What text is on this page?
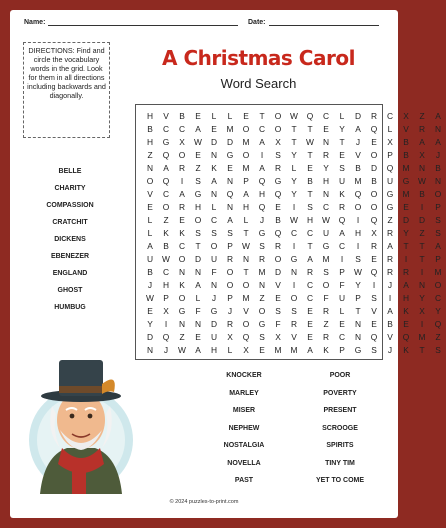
Name:	Date:
DIRECTIONS: Find and circle the vocabulary words in the grid. Look for them in all directions including backwards and diagonally.
A Christmas Carol
Word Search
H	V	B	E	L	L	E	T	O	W	Q	C	L	D	R	C	X	Z	A
B	C	C	A	E	M	O	C	O	T	T	E	Y	A	Q	L	V	R	N
H	G	X	W	D	D	M	A	X	T	W	N	T	J	E	X	B	A	A
Z	Q	O	E	N	G	O	I	S	Y	T	R	E	V	O	P	B	X	J
N	A	R	Z	K	E	M	A	R	L	E	Y	S	B	D	Q	M	N	B
O	Q	I	S	A	N	P	Q	G	Y	B	H	U	M	B	U	G	W	N
V	C	A	G	N	Q	A	H	Q	Y	T	N	K	Q	O	G	M	B	O
E	O	R	H	L	N	H	Q	E	I	S	C	R	O	O	G	E	I	P
L	Z	E	O	C	A	L	J	B	W	H	W	Q	I	Q	Z	D	D	S
L	K	K	S	S	S	T	G	Q	C	C	U	A	H	X	R	Y	Z	S
A	B	C	T	O	P	W	S	R	I	T	G	C	I	R	A	T	T	A
U	W	O	D	U	R	N	R	O	G	A	M	I	S	E	R	I	T	P
B	C	N	N	F	O	T	M	D	N	R	S	P	W	Q	R	R	I	M
J	H	K	A	N	O	O	N	V	I	C	O	F	Y	I	J	A	N	O
W	P	O	L	J	P	M	Z	E	O	C	F	U	P	S	I	H	Y	C
E	X	G	F	G	J	V	O	S	S	E	R	L	T	V	A	K	X	Y
Y	I	N	N	D	R	O	G	F	R	E	Z	E	N	E	B	E	I	Q
D	Q	Z	E	U	X	Q	S	X	V	E	R	C	N	Q	V	Q	M	Z
N	J	W	A	H	L	X	E	M	M	A	K	P	G	S	J	K	T	S
BELLE
CHARITY
COMPASSION
CRATCHIT
DICKENS
EBENEZER
ENGLAND
GHOST
HUMBUG
KNOCKER
MARLEY
MISER
NEPHEW
NOSTALGIA
NOVELLA
PAST
POOR
POVERTY
PRESENT
SCROOGE
SPIRITS
TINY TIM
YET TO COME
© 2024 puzzles-to-print.com
